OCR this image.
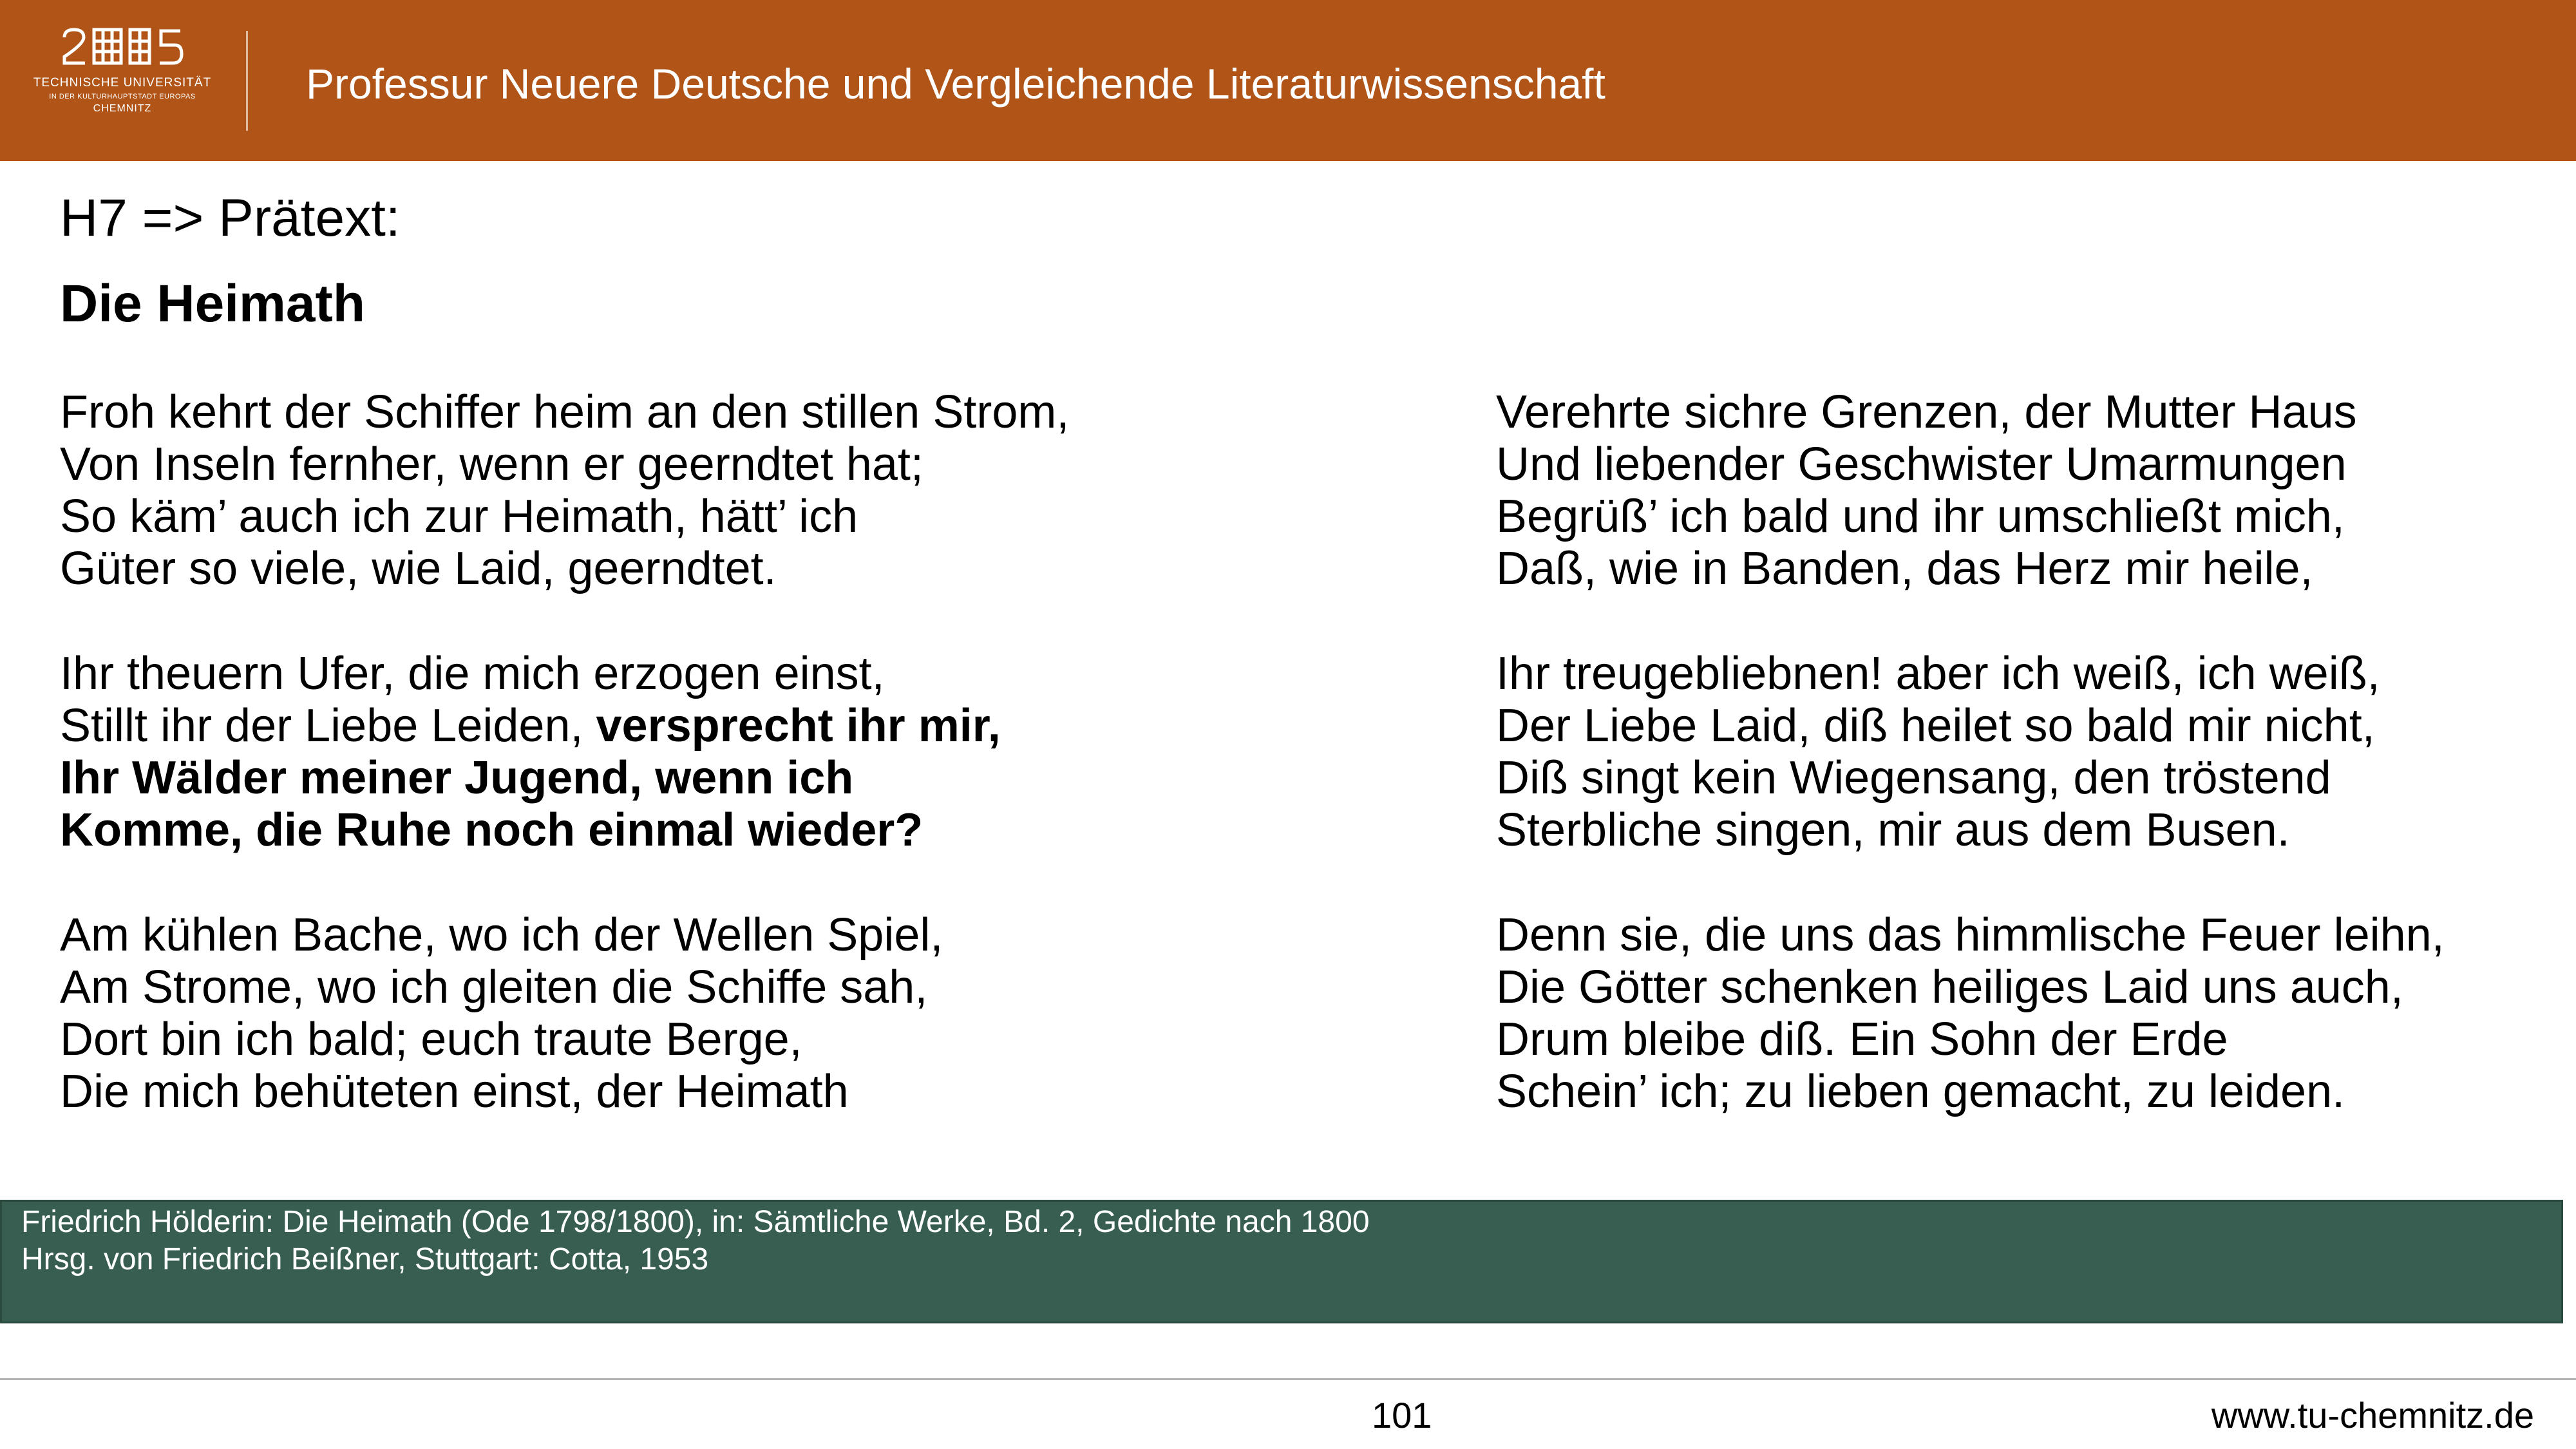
TECHNISCHE UNIVERSITÄT
IN DER KULTURHAUPTSTADT EUROPAS
CHEMNITZ
Professur Neuere Deutsche und Vergleichende Literaturwissenschaft
H7 => Prätext:
Die Heimath
Froh kehrt der Schiffer heim an den stillen Strom,
Von Inseln fernher, wenn er geerndtet hat;
So käm’ auch ich zur Heimath, hätt’ ich
Güter so viele, wie Laid, geerndtet.
Ihr theuern Ufer, die mich erzogen einst,
Stillt ihr der Liebe Leiden, versprecht ihr mir,
Ihr Wälder meiner Jugend, wenn ich
Komme, die Ruhe noch einmal wieder?
Am kühlen Bache, wo ich der Wellen Spiel,
Am Strome, wo ich gleiten die Schiffe sah,
Dort bin ich bald; euch traute Berge,
Die mich behüteten einst, der Heimath
Verehrte sichre Grenzen, der Mutter Haus
Und liebender Geschwister Umarmungen
Begrüß’ ich bald und ihr umschließt mich,
Daß, wie in Banden, das Herz mir heile,
Ihr treugebliebnen! aber ich weiß, ich weiß,
Der Liebe Laid, diß heilet so bald mir nicht,
Diß singt kein Wiegensang, den tröstend
Sterbliche singen, mir aus dem Busen.
Denn sie, die uns das himmlische Feuer leihn,
Die Götter schenken heiliges Laid uns auch,
Drum bleibe diß. Ein Sohn der Erde
Schein’ ich; zu lieben gemacht, zu leiden.
Friedrich Hölderin: Die Heimath (Ode 1798/1800), in: Sämtliche Werke, Bd. 2, Gedichte nach 1800
Hrsg. von Friedrich Beißner, Stuttgart: Cotta, 1953
101	www.tu-chemnitz.de
